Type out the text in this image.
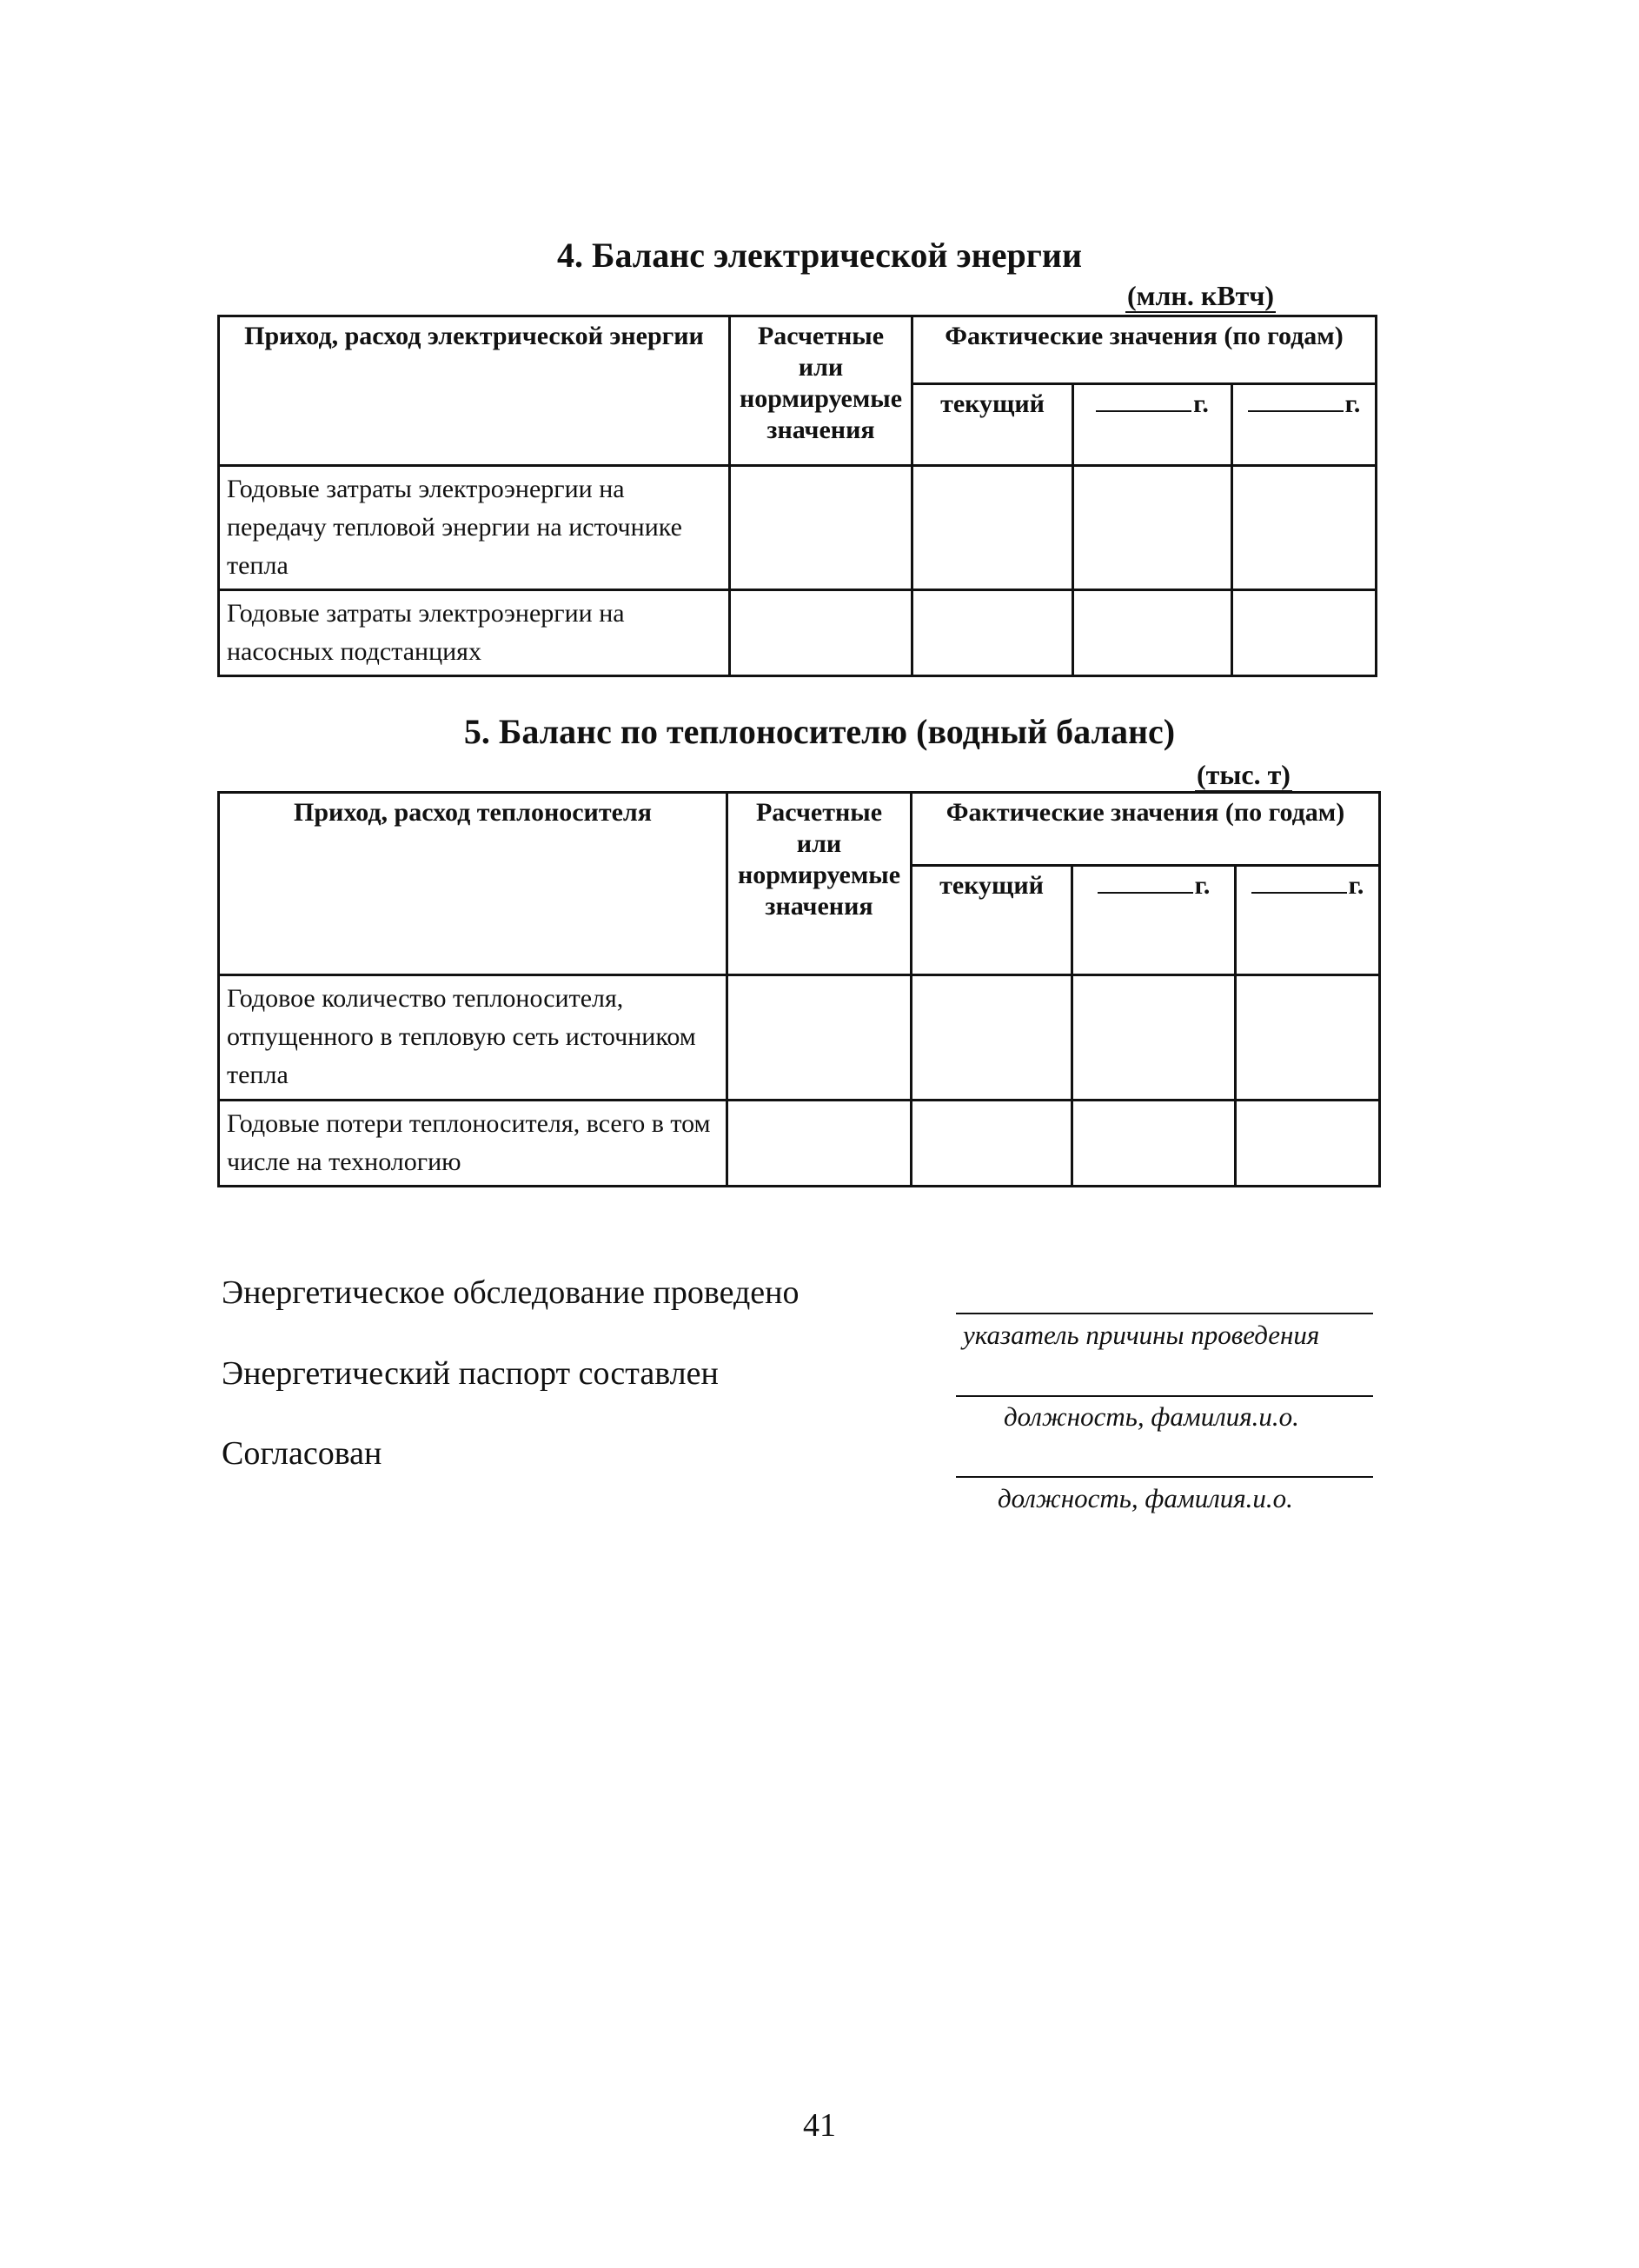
4. Баланс электрической энергии
(млн. кВтч)
Приход, расход электрической энергии	Расчетные или нормируемые значения	Фактические значения (по годам)		
		текущий	г.	г.
Годовые затраты электроэнергии на передачу тепловой энергии на источнике тепла				
Годовые затраты электроэнергии на насосных подстанциях				
5. Баланс по теплоносителю (водный баланс)
(тыс. т)
Приход, расход теплоносителя	Расчетные или нормируемые значения	Фактические значения (по годам)		
		текущий	г.	г.
Годовое количество теплоносителя, отпущенного в тепловую сеть источником тепла				
Годовые потери теплоносителя, всего в том числе на технологию				

Энергетическое обследование проведено

указатель причины проведения

Энергетический паспорт составлен

должность, фамилия.и.о.

Согласован

должность, фамилия.и.о.

41
